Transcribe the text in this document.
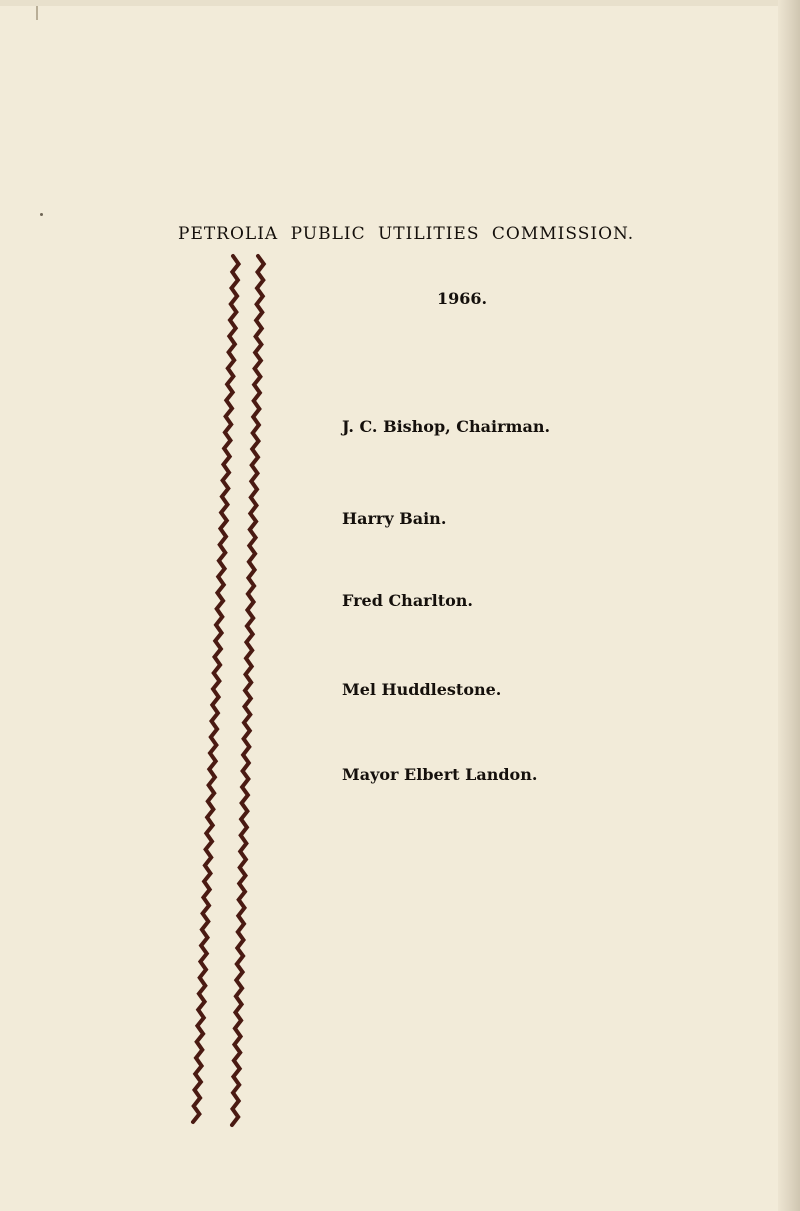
PETROLIA PUBLIC UTILITIES COMMISSION.
1966.
J. C. Bishop, Chairman.
Harry Bain.
Fred Charlton.
Mel Huddlestone.
Mayor Elbert Landon.
